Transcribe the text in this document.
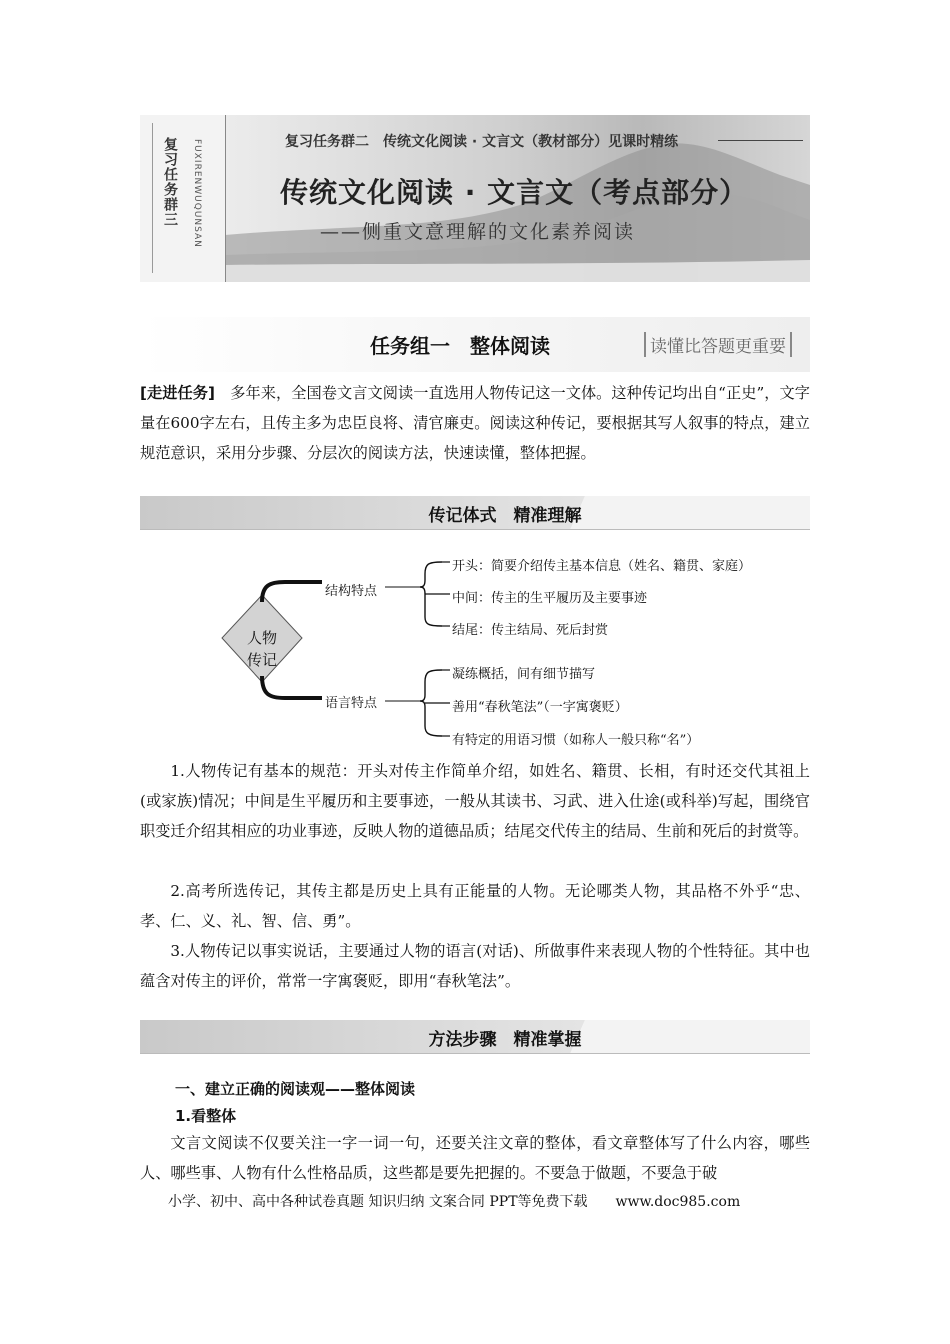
复习任务群三 FUXIRENWUQUNSAN	复习任务群二　传统文化阅读 · 文言文（教材部分）见课时精练
传统文化阅读 · 文言文（考点部分）
——侧重文意理解的文化素养阅读
任务组一　整体阅读	读懂比答题更重要
[走进任务]　多年来，全国卷文言文阅读一直选用人物传记这一文体。这种传记均出自“正史”，文字量在600字左右，且传主多为忠臣良将、清官廉吏。阅读这种传记，要根据其写人叙事的特点，建立规范意识，采用分步骤、分层次的阅读方法，快速读懂，整体把握。
传记体式　精准理解
人物
传记
结构特点
开头：简要介绍传主基本信息（姓名、籍贯、家庭）
中间：传主的生平履历及主要事迹
结尾：传主结局、死后封赏
语言特点
凝练概括，间有细节描写
善用“春秋笔法”（一字寓褒贬）
有特定的用语习惯（如称人一般只称“名”）
1.人物传记有基本的规范：开头对传主作简单介绍，如姓名、籍贯、长相，有时还交代其祖上(或家族)情况；中间是生平履历和主要事迹，一般从其读书、习武、进入仕途(或科举)写起，围绕官职变迁介绍其相应的功业事迹，反映人物的道德品质；结尾交代传主的结局、生前和死后的封赏等。
2.高考所选传记，其传主都是历史上具有正能量的人物。无论哪类人物，其品格不外乎“忠、孝、仁、义、礼、智、信、勇”。
3.人物传记以事实说话，主要通过人物的语言(对话)、所做事件来表现人物的个性特征。其中也蕴含对传主的评价，常常一字寓褒贬，即用“春秋笔法”。
方法步骤　精准掌握
一、建立正确的阅读观——整体阅读
1.看整体
文言文阅读不仅要关注一字一词一句，还要关注文章的整体，看文章整体写了什么内容，哪些人、哪些事、人物有什么性格品质，这些都是要先把握的。不要急于做题，不要急于破
小学、初中、高中各种试卷真题 知识归纳 文案合同 PPT等免费下载　　www.doc985.com
